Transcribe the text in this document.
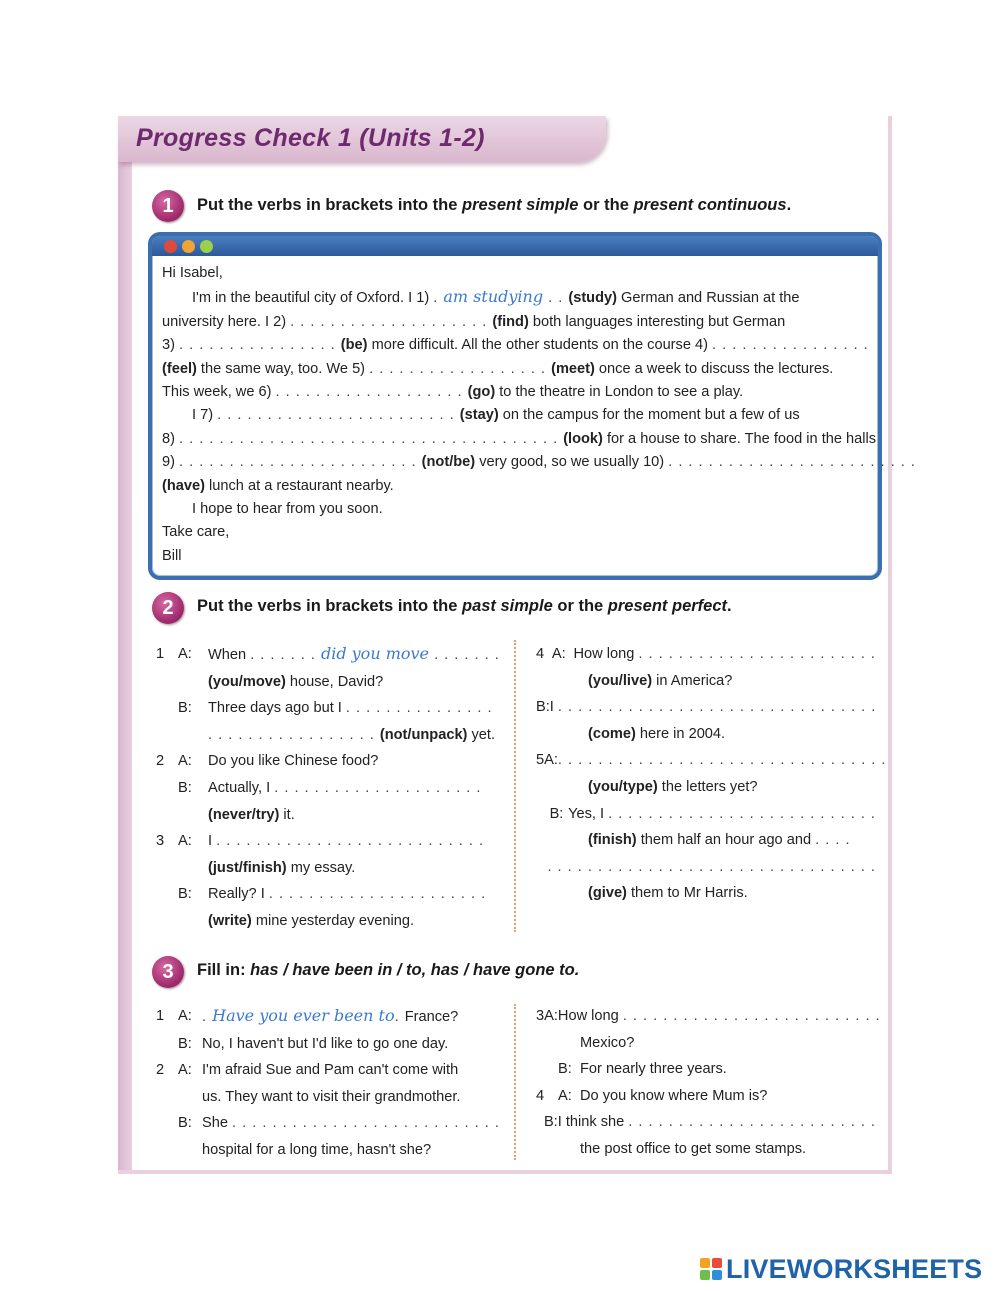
Progress Check 1 (Units 1-2)
1	Put the verbs in brackets into the present simple or the present continuous.
Hi Isabel,
I'm in the beautiful city of Oxford. I 1) . am studying . . (study) German and Russian at the
university here. I 2) . . . . . . . . . . . . . . . . . . . . (find) both languages interesting but German
3) . . . . . . . . . . . . . . . . (be) more difficult. All the other students on the course 4) . . . . . . . . . . . . . . . .
(feel) the same way, too. We 5) . . . . . . . . . . . . . . . . . . (meet) once a week to discuss the lectures.
This week, we 6) . . . . . . . . . . . . . . . . . . . (go) to the theatre in London to see a play.
I 7) . . . . . . . . . . . . . . . . . . . . . . . . (stay) on the campus for the moment but a few of us
8) . . . . . . . . . . . . . . . . . . . . . . . . . . . . . . . . . . . . . . (look) for a house to share. The food in the halls
9) . . . . . . . . . . . . . . . . . . . . . . . . (not/be) very good, so we usually 10) . . . . . . . . . . . . . . . . . . . . . . . . .
(have) lunch at a restaurant nearby.
I hope to hear from you soon.
Take care,
Bill
2	Put the verbs in brackets into the past simple or the present perfect.
1 A:	When . . . . . . . did you move . . . . . . .
(you/move) house, David?
B:	Three days ago but I . . . . . . . . . . . . . . .
. . . . . . . . . . . . . . . . . (not/unpack) yet.
2 A:	Do you like Chinese food?
B:	Actually, I . . . . . . . . . . . . . . . . . . . . .
(never/try) it.
3 A:	I . . . . . . . . . . . . . . . . . . . . . . . . . . .
(just/finish) my essay.
B:	Really? I . . . . . . . . . . . . . . . . . . . . . .
(write) mine yesterday evening.
4 A: How long . . . . . . . . . . . . . . . . . . . . . . . .
(you/live) in America?
B: I . . . . . . . . . . . . . . . . . . . . . . . . . . . . . . . .
(come) here in 2004.
5 A: . . . . . . . . . . . . . . . . . . . . . . . . . . . . . . . . .
(you/type) the letters yet?
B: Yes, I . . . . . . . . . . . . . . . . . . . . . . . . . . .
(finish) them half an hour ago and . . . .
. . . . . . . . . . . . . . . . . . . . . . . . . . . . . . . . .
(give) them to Mr Harris.
3	Fill in: has / have been in / to, has / have gone to.
1 A: . Have you ever been to. France?
B: No, I haven't but I'd like to go one day.
2 A: I'm afraid Sue and Pam can't come with
us. They want to visit their grandmother.
B: She . . . . . . . . . . . . . . . . . . . . . . . . . . .
hospital for a long time, hasn't she?
3 A: How long . . . . . . . . . . . . . . . . . . . . . . . . . .
Mexico?
B: For nearly three years.
4 A: Do you know where Mum is?
B: I think she . . . . . . . . . . . . . . . . . . . . . . . . .
the post office to get some stamps.
LIVEWORKSHEETS
